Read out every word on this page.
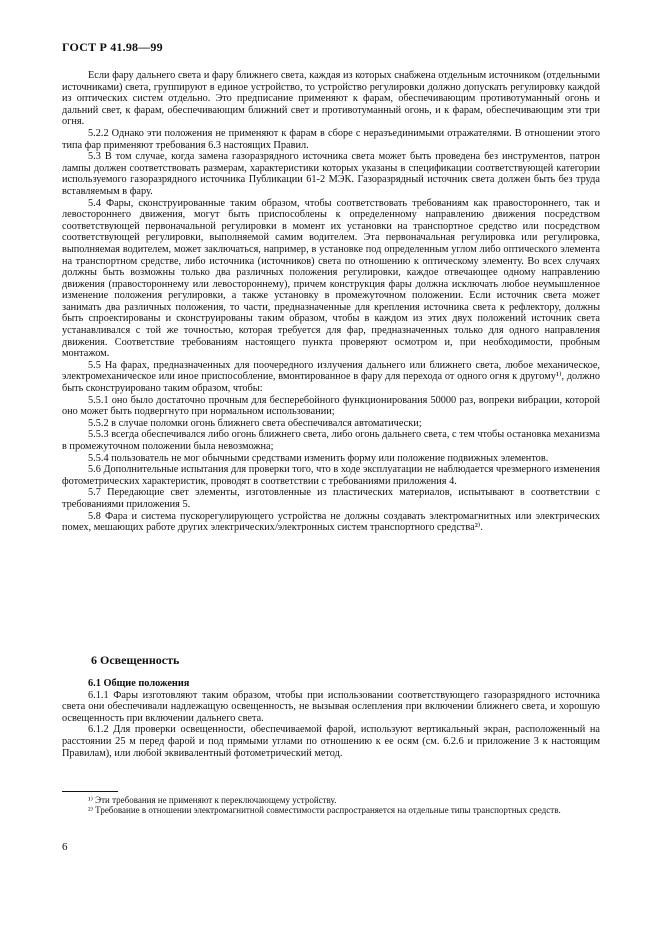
ГОСТ Р 41.98—99

Если фару дальнего света и фару ближнего света, каждая из которых снабжена отдельным источником (отдельными источниками) света, группируют в единое устройство, то устройство регулировки должно допускать регулировку каждой из оптических систем отдельно. Это предписание применяют к фарам, обеспечивающим противотуманный огонь и дальний свет, к фарам, обеспечивающим ближний свет и противотуманный огонь, и к фарам, обеспечивающим эти три огня.

5.2.2 Однако эти положения не применяют к фарам в сборе с неразъединимыми отражателями. В отношении этого типа фар применяют требования 6.3 настоящих Правил.

5.3 В том случае, когда замена газоразрядного источника света может быть проведена без инструментов, патрон лампы должен соответствовать размерам, характеристики которых указаны в спецификации соответствующей категории используемого газоразрядного источника Публикации 61-2 МЭК. Газоразрядный источник света должен быть без труда вставляемым в фару.

5.4 Фары, сконструированные таким образом, чтобы соответствовать требованиям как правостороннего, так и левостороннего движения, могут быть приспособлены к определенному направлению движения посредством соответствующей первоначальной регулировки в момент их установки на транспортное средство или посредством соответствующей регулировки, выполняемой самим водителем. Эта первоначальная регулировка или регулировка, выполняемая водителем, может заключаться, например, в установке под определенным углом либо оптического элемента на транспортном средстве, либо источника (источников) света по отношению к оптическому элементу. Во всех случаях должны быть возможны только два различных положения регулировки, каждое отвечающее одному направлению движения (правостороннему или левостороннему), причем конструкция фары должна исключать любое неумышленное изменение положения регулировки, а также установку в промежуточном положении. Если источник света может занимать два различных положения, то части, предназначенные для крепления источника света к рефлектору, должны быть спроектированы и сконструированы таким образом, чтобы в каждом из этих двух положений источник света устанавливался с той же точностью, которая требуется для фар, предназначенных только для одного направления движения. Соответствие требованиям настоящего пункта проверяют осмотром и, при необходимости, пробным монтажом.

5.5 На фарах, предназначенных для поочередного излучения дальнего или ближнего света, любое механическое, электромеханическое или иное приспособление, вмонтированное в фару для перехода от одного огня к другому¹⁾, должно быть сконструировано таким образом, чтобы:

5.5.1 оно было достаточно прочным для бесперебойного функционирования 50000 раз, вопреки вибрации, которой оно может быть подвергнуто при нормальном использовании;

5.5.2 в случае поломки огонь ближнего света обеспечивался автоматически;

5.5.3 всегда обеспечивался либо огонь ближнего света, либо огонь дальнего света, с тем чтобы остановка механизма в промежуточном положении была невозможна;

5.5.4 пользователь не мог обычными средствами изменить форму или положение подвижных элементов.

5.6 Дополнительные испытания для проверки того, что в ходе эксплуатации не наблюдается чрезмерного изменения фотометрических характеристик, проводят в соответствии с требованиями приложения 4.

5.7 Передающие свет элементы, изготовленные из пластических материалов, испытывают в соответствии с требованиями приложения 5.

5.8 Фара и система пускорегулирующего устройства не должны создавать электромагнитных или электрических помех, мешающих работе других электрических/электронных систем транспортного средства²⁾.

6 Освещенность

6.1 Общие положения

6.1.1 Фары изготовляют таким образом, чтобы при использовании соответствующего газоразрядного источника света они обеспечивали надлежащую освещенность, не вызывая ослепления при включении ближнего света, и хорошую освещенность при включении дальнего света.

6.1.2 Для проверки освещенности, обеспечиваемой фарой, используют вертикальный экран, расположенный на расстоянии 25 м перед фарой и под прямыми углами по отношению к ее осям (см. 6.2.6 и приложение 3 к настоящим Правилам), или любой эквивалентный фотометрический метод.

¹⁾ Эти требования не применяют к переключающему устройству.

²⁾ Требование в отношении электромагнитной совместимости распространяется на отдельные типы транспортных средств.

6
